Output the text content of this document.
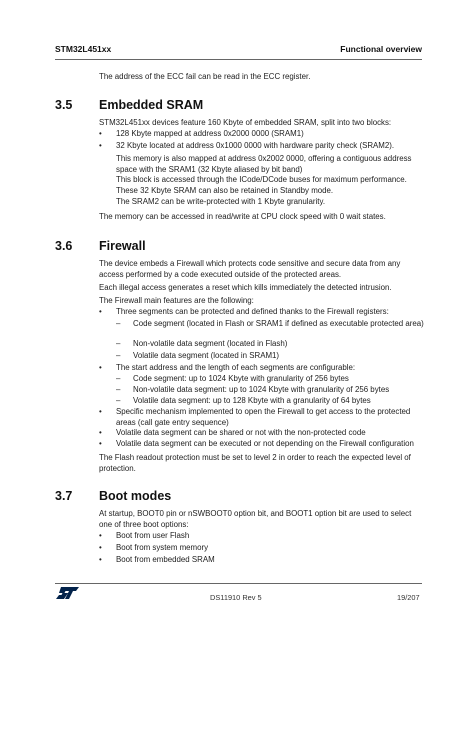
STM32L451xx	Functional overview
The address of the ECC fail can be read in the ECC register.
3.5 Embedded SRAM
STM32L451xx devices feature 160 Kbyte of embedded SRAM, split into two blocks:
•	128 Kbyte mapped at address 0x2000 0000 (SRAM1)
•	32 Kbyte located at address 0x1000 0000 with hardware parity check (SRAM2).
This memory is also mapped at address 0x2002 0000, offering a contiguous address space with the SRAM1 (32 Kbyte aliased by bit band)
This block is accessed through the ICode/DCode buses for maximum performance. These 32 Kbyte SRAM can also be retained in Standby mode.
The SRAM2 can be write-protected with 1 Kbyte granularity.
The memory can be accessed in read/write at CPU clock speed with 0 wait states.
3.6 Firewall
The device embeds a Firewall which protects code sensitive and secure data from any access performed by a code executed outside of the protected areas.
Each illegal access generates a reset which kills immediately the detected intrusion.
The Firewall main features are the following:
•	Three segments can be protected and defined thanks to the Firewall registers:
–	Code segment (located in Flash or SRAM1 if defined as executable protected area)
–	Non-volatile data segment (located in Flash)
–	Volatile data segment (located in SRAM1)
•	The start address and the length of each segments are configurable:
–	Code segment: up to 1024 Kbyte with granularity of 256 bytes
–	Non-volatile data segment: up to 1024 Kbyte with granularity of 256 bytes
–	Volatile data segment: up to 128 Kbyte with a granularity of 64 bytes
•	Specific mechanism implemented to open the Firewall to get access to the protected areas (call gate entry sequence)
•	Volatile data segment can be shared or not with the non-protected code
•	Volatile data segment can be executed or not depending on the Firewall configuration
The Flash readout protection must be set to level 2 in order to reach the expected level of protection.
3.7 Boot modes
At startup, BOOT0 pin or nSWBOOT0 option bit, and BOOT1 option bit are used to select one of three boot options:
•	Boot from user Flash
•	Boot from system memory
•	Boot from embedded SRAM
DS11910 Rev 5	19/207
